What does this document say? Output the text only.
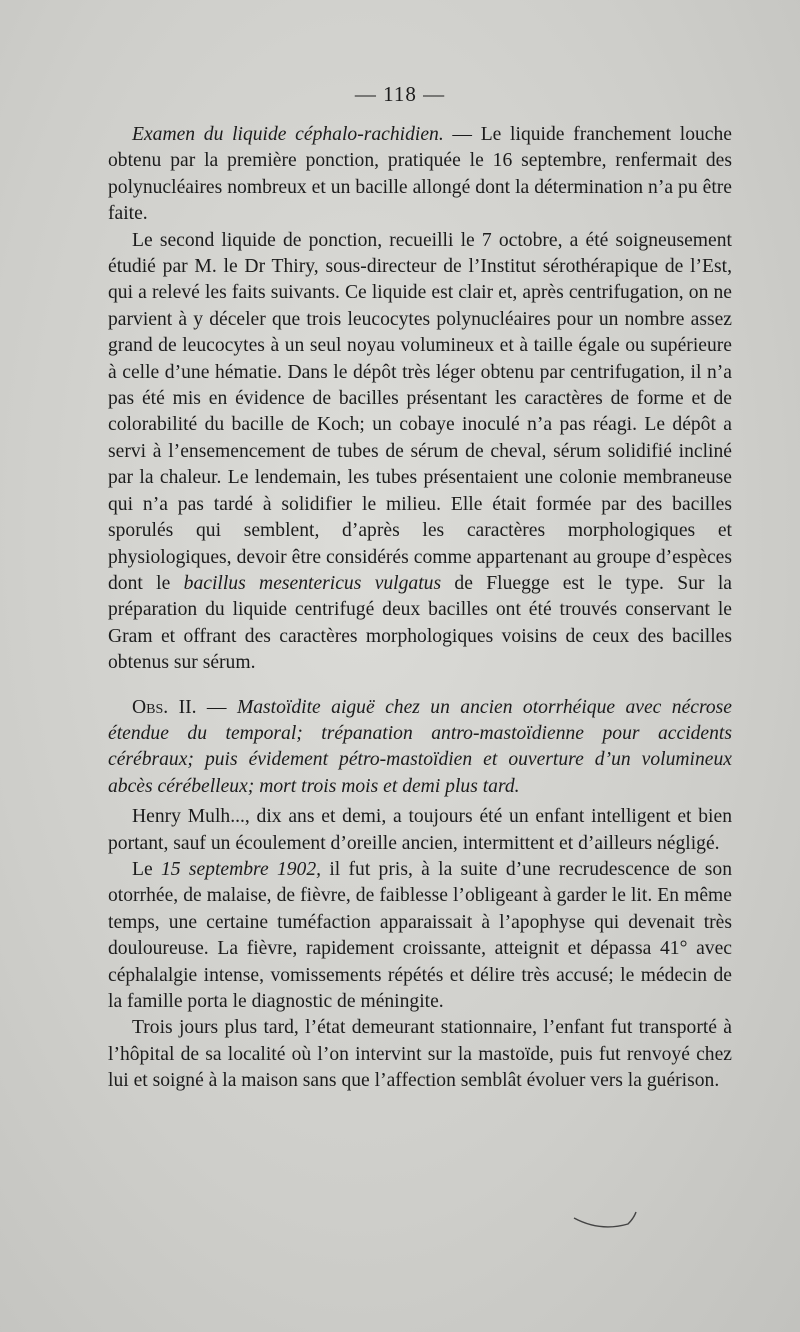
— 118 —

Examen du liquide céphalo-rachidien. — Le liquide franchement louche obtenu par la première ponction, pratiquée le 16 septembre, renfermait des polynucléaires nombreux et un bacille allongé dont la détermination n’a pu être faite.

Le second liquide de ponction, recueilli le 7 octobre, a été soigneusement étudié par M. le Dr Thiry, sous-directeur de l’Institut sérothérapique de l’Est, qui a relevé les faits suivants. Ce liquide est clair et, après centrifugation, on ne parvient à y déceler que trois leucocytes polynucléaires pour un nombre assez grand de leucocytes à un seul noyau volumineux et à taille égale ou supérieure à celle d’une hématie. Dans le dépôt très léger obtenu par centrifugation, il n’a pas été mis en évidence de bacilles présentant les caractères de forme et de colorabilité du bacille de Koch; un cobaye inoculé n’a pas réagi. Le dépôt a servi à l’ensemencement de tubes de sérum de cheval, sérum solidifié incliné par la chaleur. Le lendemain, les tubes présentaient une colonie membraneuse qui n’a pas tardé à solidifier le milieu. Elle était formée par des bacilles sporulés qui semblent, d’après les caractères morphologiques et physiologiques, devoir être considérés comme appartenant au groupe d’espèces dont le bacillus mesentericus vulgatus de Fluegge est le type. Sur la préparation du liquide centrifugé deux bacilles ont été trouvés conservant le Gram et offrant des caractères morphologiques voisins de ceux des bacilles obtenus sur sérum.

Obs. II. — Mastoïdite aiguë chez un ancien otorrhéique avec nécrose étendue du temporal; trépanation antro-mastoïdienne pour accidents cérébraux; puis évidement pétro-mastoïdien et ouverture d’un volumineux abcès cérébelleux; mort trois mois et demi plus tard.

Henry Mulh..., dix ans et demi, a toujours été un enfant intelligent et bien portant, sauf un écoulement d’oreille ancien, intermittent et d’ailleurs négligé.

Le 15 septembre 1902, il fut pris, à la suite d’une recrudescence de son otorrhée, de malaise, de fièvre, de faiblesse l’obligeant à garder le lit. En même temps, une certaine tuméfaction apparaissait à l’apophyse qui devenait très douloureuse. La fièvre, rapidement croissante, atteignit et dépassa 41° avec céphalalgie intense, vomissements répétés et délire très accusé; le médecin de la famille porta le diagnostic de méningite.

Trois jours plus tard, l’état demeurant stationnaire, l’enfant fut transporté à l’hôpital de sa localité où l’on intervint sur la mastoïde, puis fut renvoyé chez lui et soigné à la maison sans que l’affection semblât évoluer vers la guérison.
